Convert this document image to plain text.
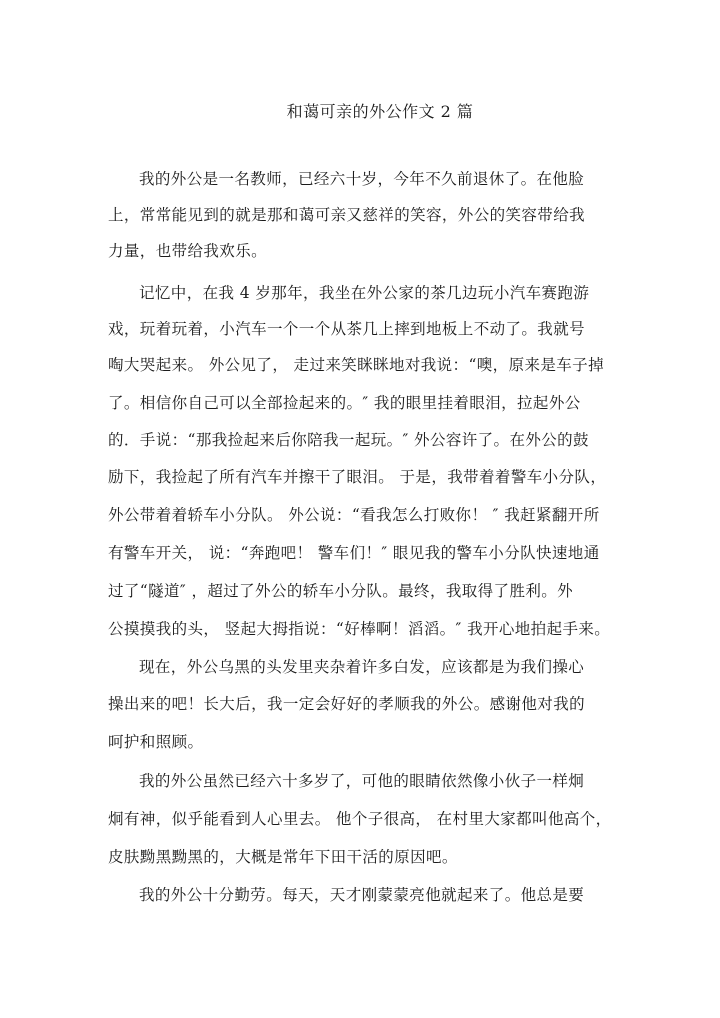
和蔼可亲的外公作文 2 篇
我的外公是一名教师，已经六十岁，今年不久前退休了。在他脸
上，常常能见到的就是那和蔼可亲又慈祥的笑容，外公的笑容带给我
力量，也带给我欢乐。
记忆中，在我 4 岁那年，我坐在外公家的茶几边玩小汽车赛跑游
戏，玩着玩着，小汽车一个一个从茶几上摔到地板上不动了。我就号
啕大哭起来。 外公见了， 走过来笑眯眯地对我说：“噢，原来是车子掉
了。相信你自己可以全部捡起来的。″ 我的眼里挂着眼泪，拉起外公
的．手说：“那我捡起来后你陪我一起玩。″ 外公容许了。在外公的鼓
励下，我捡起了所有汽车并擦干了眼泪。 于是，我带着着警车小分队，
外公带着着轿车小分队。 外公说：“看我怎么打败你！ ″ 我赶紧翻开所
有警车开关， 说：“奔跑吧！ 警车们！″ 眼见我的警车小分队快速地通
过了“隧道″ ，超过了外公的轿车小分队。最终，我取得了胜利。外
公摸摸我的头， 竖起大拇指说：“好棒啊！滔滔。″ 我开心地拍起手来。
现在，外公乌黑的头发里夹杂着许多白发，应该都是为我们操心
操出来的吧！长大后，我一定会好好的孝顺我的外公。感谢他对我的
呵护和照顾。
我的外公虽然已经六十多岁了，可他的眼睛依然像小伙子一样炯
炯有神，似乎能看到人心里去。 他个子很高， 在村里大家都叫他高个，
皮肤黝黑黝黑的，大概是常年下田干活的原因吧。
我的外公十分勤劳。每天，天才刚蒙蒙亮他就起来了。他总是要
